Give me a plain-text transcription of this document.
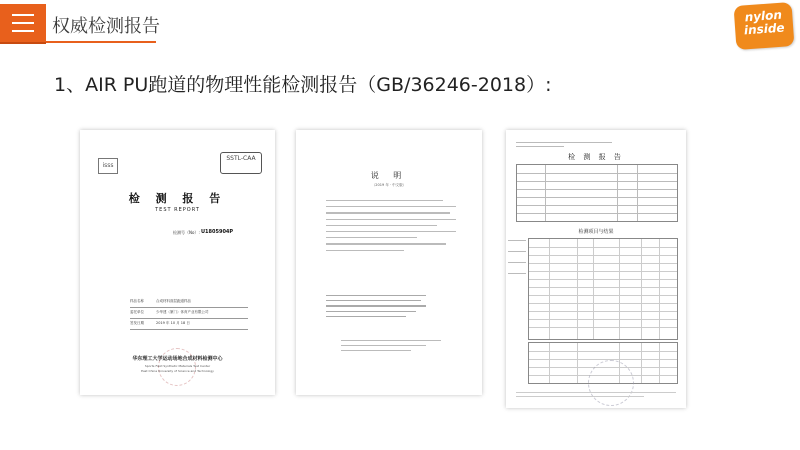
权威检测报告	nylon
inside
1、AIR PU跑道的物理性能检测报告（GB/36246-2018）:
isss
SSTL-CAA
检 测 报 告
TEST REPORT
检测号（No）: U1805904P
样品名称	合成材料面层跑道样品
委托单位	少华建（厦门）体育产业有限公司
签发日期	2019 年 10 月 18 日
华东理工大学运动场地合成材料检测中心
Sports Field Synthetic Materials Test Center
East China University of Science and Technology
说 明
（2019 年 · 中文版）
检 测 报 告
检测项目与结果
